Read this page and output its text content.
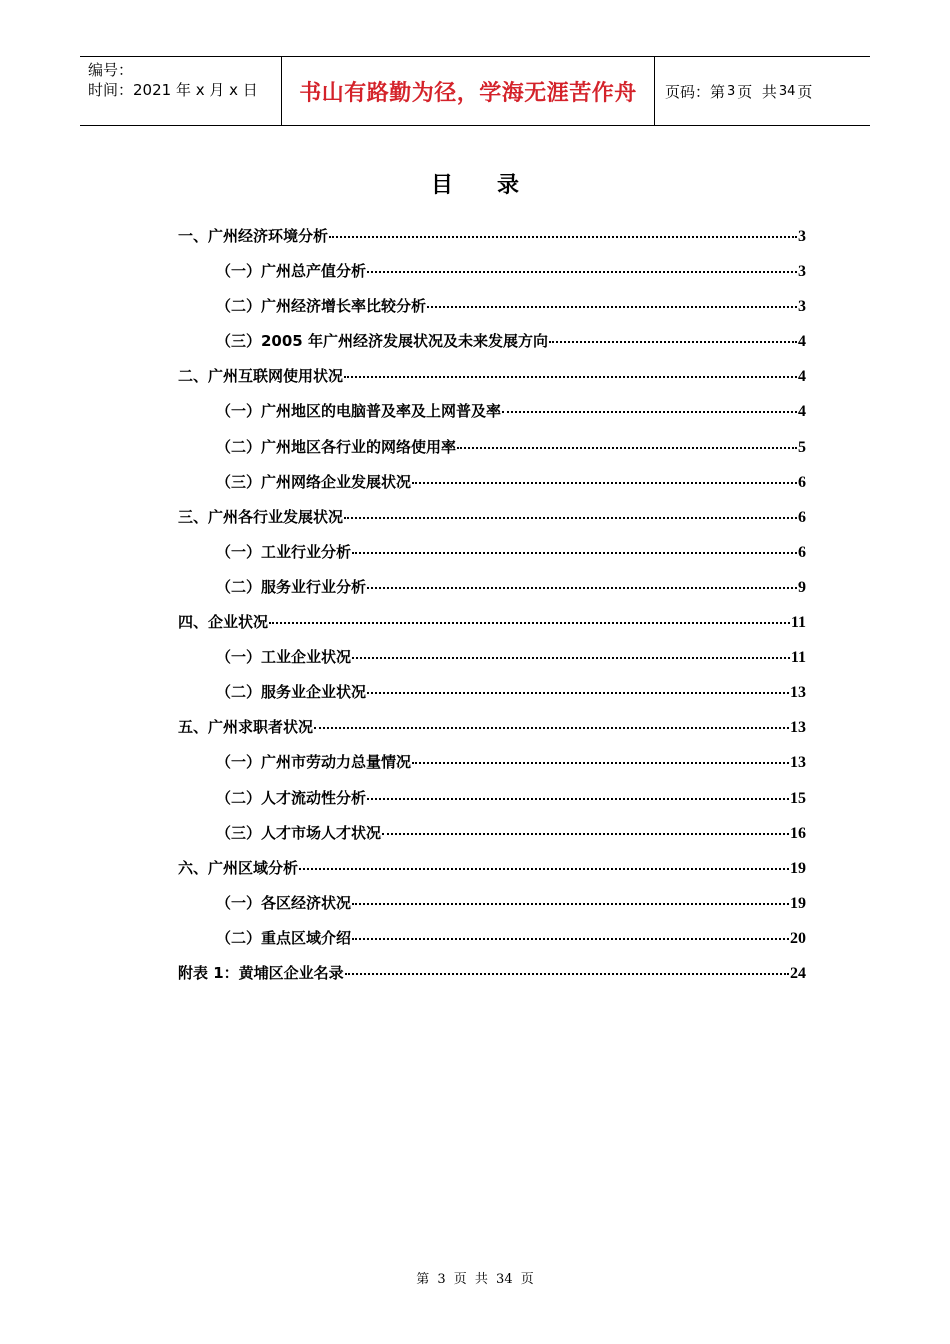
编号：
时间：2021 年 x 月 x 日	书山有路勤为径，学海无涯苦作舟	页码：第 3 页  共 34 页
目 录
一、广州经济环境分析	3
（一）广州总产值分析	3
（二）广州经济增长率比较分析	3
（三）2005 年广州经济发展状况及未来发展方向	4
二、广州互联网使用状况	4
（一）广州地区的电脑普及率及上网普及率	4
（二）广州地区各行业的网络使用率	5
（三）广州网络企业发展状况	6
三、广州各行业发展状况	6
（一）工业行业分析	6
（二）服务业行业分析	9
四、企业状况	11
（一）工业企业状况	11
（二）服务业企业状况	13
五、广州求职者状况	13
（一）广州市劳动力总量情况	13
（二）人才流动性分析	15
（三）人才市场人才状况	16
六、广州区域分析	19
（一）各区经济状况	19
（二）重点区域介绍	20
附表 1：黄埔区企业名录	24
第 3 页 共 34 页
